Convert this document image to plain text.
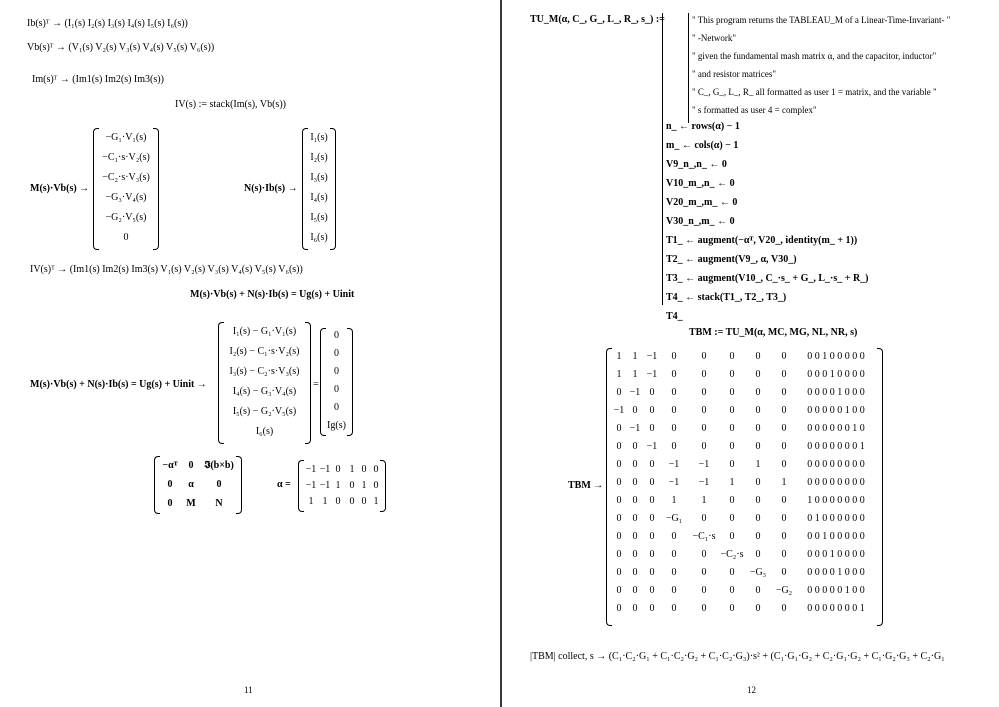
Ib(s)ᵀ → (I₁(s) I₂(s) I₃(s) I₄(s) I₅(s) I₆(s))
Vb(s)ᵀ → (V₁(s) V₂(s) V₃(s) V₄(s) V₅(s) V₆(s))
Im(s)ᵀ → (Im1(s) Im2(s) Im3(s))
IV(s) := stack(Im(s), Vb(s))
M(s)·Vb(s) →
−G₁·V₁(s)
−C₁·s·V₂(s)
−C₂·s·V₃(s)
−G₃·V₄(s)
−G₂·V₅(s)
0
N(s)·Ib(s) →
I₁(s)
I₂(s)
I₃(s)
I₄(s)
I₅(s)
I₆(s)
IV(s)ᵀ → (Im1(s) Im2(s) Im3(s) V₁(s) V₂(s) V₃(s) V₄(s) V₅(s) V₆(s))
M(s)·Vb(s) + N(s)·Ib(s) = Ug(s) + Uinit
M(s)·Vb(s) + N(s)·Ib(s) = Ug(s) + Uinit →
I₁(s) − G₁·V₁(s)
I₂(s) − C₁·s·V₂(s)
I₃(s) − C₂·s·V₃(s)
I₄(s) − G₃·V₄(s)
I₅(s) − G₂·V₅(s)
I₆(s)
=
0
0
0
0
0
Ig(s)
−αᵀ	0	𝕴(b×b)
0	α	0
0	M	N
α =
−1 −1 0 1 0 0
−1 −1 1 0 1 0
1 1 0 0 0 1
11
TU_M(α, C_, G_, L_, R_, s_) :=	" This program returns the TABLEAU_M of a Linear-Time-Invariant- "
" -Network"
" given the fundamental mash matrix α, and the capacitor, inductor"
" and resistor matrices"
" C_, G_, L_, R_ all formatted as user 1 = matrix, and the variable "
" s formatted as user 4 = complex"
n_ ← rows(α) − 1
m_ ← cols(α) − 1
V9_n_,n_ ← 0
V10_m_,n_ ← 0
V20_m_,m_ ← 0
V30_n_,m_ ← 0
T1_ ← augment(−αᵀ, V20_, identity(m_ + 1))
T2_ ← augment(V9_, α, V30_)
T3_ ← augment(V10_, C_·s_ + G_, L_·s_ + R_)
T4_ ← stack(T1_, T2_, T3_)
T4_
TBM := TU_M(α, MC, MG, NL, NR, s)
TBM →
1	1 −1	0	0	0	0	0	0 0 1 0 0 0 0 0
1	1 −1	0	0	0	0	0	0 0 0 1 0 0 0 0
0 −1 0	0	0	0	0	0	0 0 0 0 1 0 0 0
−1 0	0	0	0	0	0	0	0 0 0 0 0 1 0 0
0 −1 0	0	0	0	0	0	0 0 0 0 0 0 1 0
0	0 −1	0	0	0	0	0	0 0 0 0 0 0 0 1
0	0	0	−1	−1	0	1	0	0 0 0 0 0 0 0 0
0	0	0	−1	−1	1	0	1	0 0 0 0 0 0 0 0
0	0	0	1	1	0	0	0	1 0 0 0 0 0 0 0
0	0	0	−G₁	0	0	0	0	0 1 0 0 0 0 0 0
0	0	0	0	−C₁·s	0	0	0	0 0 1 0 0 0 0 0
0	0	0	0	0	−C₂·s	0	0	0 0 0 1 0 0 0 0
0	0	0	0	0	0	−G₃	0	0 0 0 0 1 0 0 0
0	0	0	0	0	0	0	−G₂	0 0 0 0 0 1 0 0
0	0	0	0	0	0	0	0	0 0 0 0 0 0 0 1
|TBM| collect, s → (C₁·C₂·G₁ + C₁·C₂·G₂ + C₁·C₂·G₃)·s² + (C₁·G₁·G₂ + C₂·G₁·G₂ + C₁·G₂·G₃ + C₂·G₁
12
